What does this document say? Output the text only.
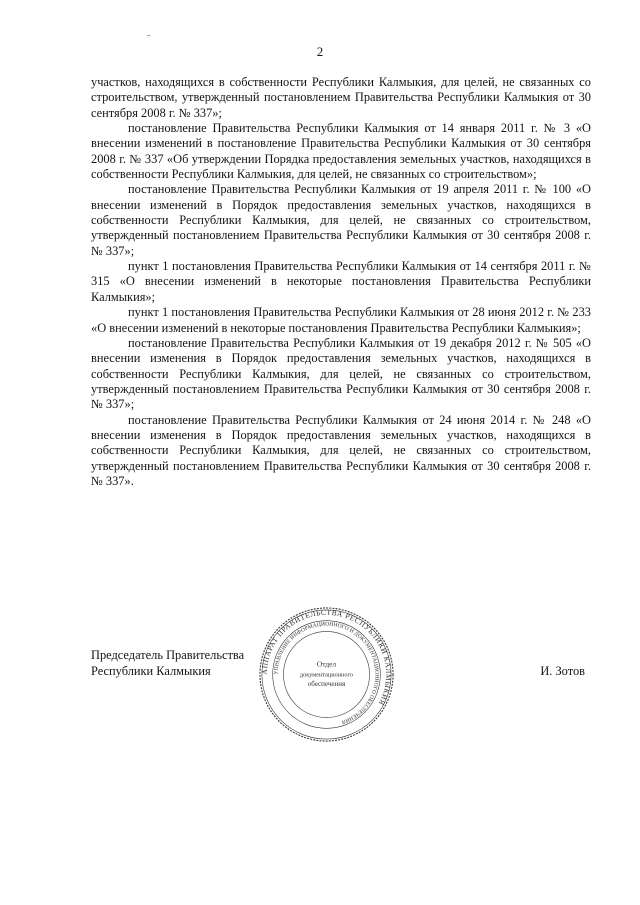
˜
2

участков, находящихся в собственности Республики Калмыкия, для целей, не связанных со строительством, утвержденный постановлением Правительства Республики Калмыкия от 30 сентября 2008 г. № 337»;

постановление Правительства Республики Калмыкия от 14 января 2011 г. № 3 «О внесении изменений в постановление Правительства Республики Калмыкия от 30 сентября 2008 г. № 337 «Об утверждении Порядка предоставления земельных участков, находящихся в собственности Республики Калмыкия, для целей, не связанных со строительством»;

постановление Правительства Республики Калмыкия от 19 апреля 2011 г. № 100 «О внесении изменений в Порядок предоставления земельных участков, находящихся в собственности Республики Калмыкия, для целей, не связанных со строительством, утвержденный постановлением Правительства Республики Калмыкия от 30 сентября 2008 г. № 337»;

пункт 1 постановления Правительства Республики Калмыкия от 14 сентября 2011 г. № 315 «О внесении изменений в некоторые постановления Правительства Республики Калмыкия»;

пункт 1 постановления Правительства Республики Калмыкия от 28 июня 2012 г. № 233 «О внесении изменений в некоторые постановления Правительства Республики Калмыкия»;

постановление Правительства Республики Калмыкия от 19 декабря 2012 г. № 505 «О внесении изменения в Порядок предоставления земельных участков, находящихся в собственности Республики Калмыкия, для целей, не связанных со строительством, утвержденный постановлением Правительства Республики Калмыкия от 30 сентября 2008 г. № 337»;

постановление Правительства Республики Калмыкия от 24 июня 2014 г. № 248 «О внесении изменения в Порядок предоставления земельных участков, находящихся в собственности Республики Калмыкия, для целей, не связанных со строительством, утвержденный постановлением Правительства Республики Калмыкия от 30 сентября 2008 г. № 337».

Председатель Правительства
Республики Калмыкия	И. Зотов
АППАРАТ ПРАВИТЕЛЬСТВА РЕСПУБЛИКИ КАЛМЫКИЯ
УПРАВЛЕНИЕ ИНФОРМАЦИОННОГО И ДОКУМЕНТАЦИОННОГО ОБЕСПЕЧЕНИЯ
Отдел
документационного
обеспечения
